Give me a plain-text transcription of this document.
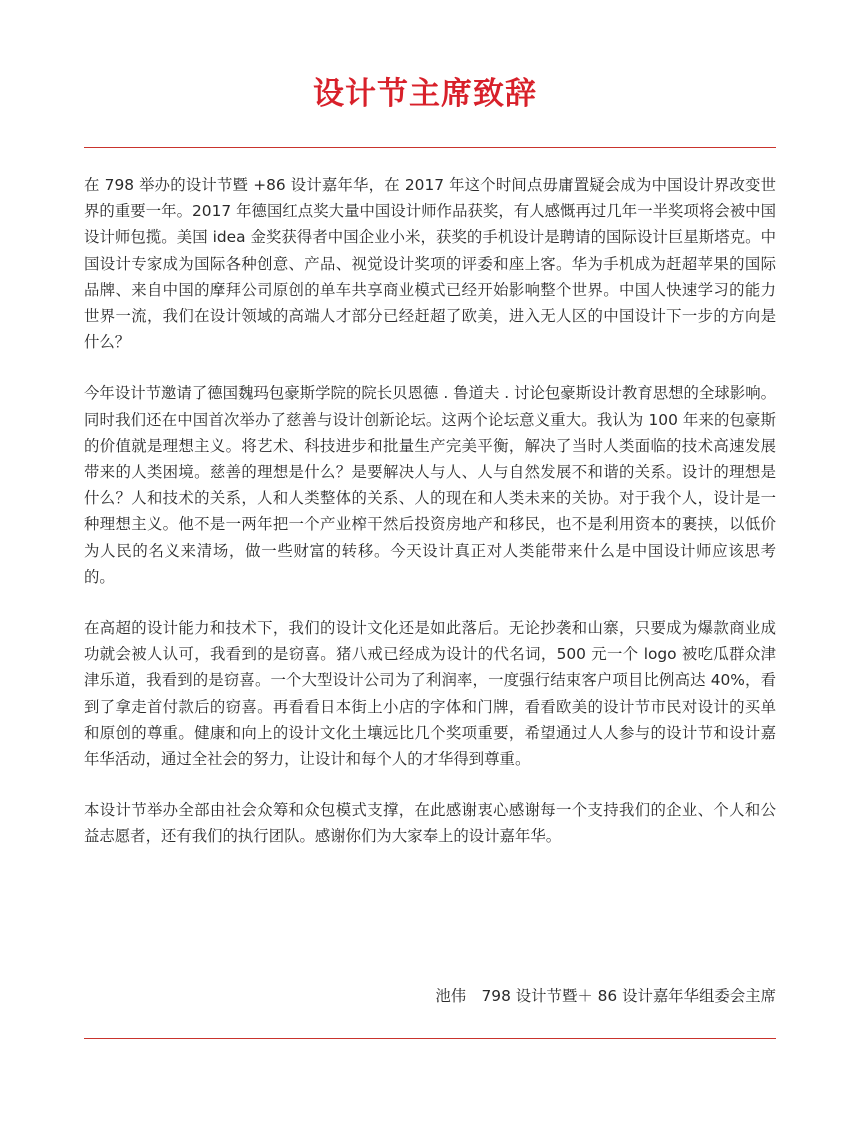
设计节主席致辞

在 798 举办的设计节暨 +86 设计嘉年华，在 2017 年这个时间点毋庸置疑会成为中国设计界改变世界的重要一年。2017 年德国红点奖大量中国设计师作品获奖，有人感慨再过几年一半奖项将会被中国设计师包揽。美国 idea 金奖获得者中国企业小米，获奖的手机设计是聘请的国际设计巨星斯塔克。中国设计专家成为国际各种创意、产品、视觉设计奖项的评委和座上客。华为手机成为赶超苹果的国际品牌、来自中国的摩拜公司原创的单车共享商业模式已经开始影响整个世界。中国人快速学习的能力世界一流，我们在设计领域的高端人才部分已经赶超了欧美，进入无人区的中国设计下一步的方向是什么？

今年设计节邀请了德国魏玛包豪斯学院的院长贝恩德 . 鲁道夫 . 讨论包豪斯设计教育思想的全球影响。同时我们还在中国首次举办了慈善与设计创新论坛。这两个论坛意义重大。我认为 100 年来的包豪斯的价值就是理想主义。将艺术、科技进步和批量生产完美平衡，解决了当时人类面临的技术高速发展带来的人类困境。慈善的理想是什么？是要解决人与人、人与自然发展不和谐的关系。设计的理想是什么？人和技术的关系，人和人类整体的关系、人的现在和人类未来的关协。对于我个人，设计是一种理想主义。他不是一两年把一个产业榨干然后投资房地产和移民，也不是利用资本的裹挟，以低价为人民的名义来清场，做一些财富的转移。今天设计真正对人类能带来什么是中国设计师应该思考的。

在高超的设计能力和技术下，我们的设计文化还是如此落后。无论抄袭和山寨，只要成为爆款商业成功就会被人认可，我看到的是窃喜。猪八戒已经成为设计的代名词，500 元一个 logo 被吃瓜群众津津乐道，我看到的是窃喜。一个大型设计公司为了利润率，一度强行结束客户项目比例高达 40%，看到了拿走首付款后的窃喜。再看看日本街上小店的字体和门牌，看看欧美的设计节市民对设计的买单和原创的尊重。健康和向上的设计文化土壤远比几个奖项重要，希望通过人人参与的设计节和设计嘉年华活动，通过全社会的努力，让设计和每个人的才华得到尊重。

本设计节举办全部由社会众筹和众包模式支撑，在此感谢衷心感谢每一个支持我们的企业、个人和公益志愿者，还有我们的执行团队。感谢你们为大家奉上的设计嘉年华。

池伟　798 设计节暨＋ 86 设计嘉年华组委会主席
